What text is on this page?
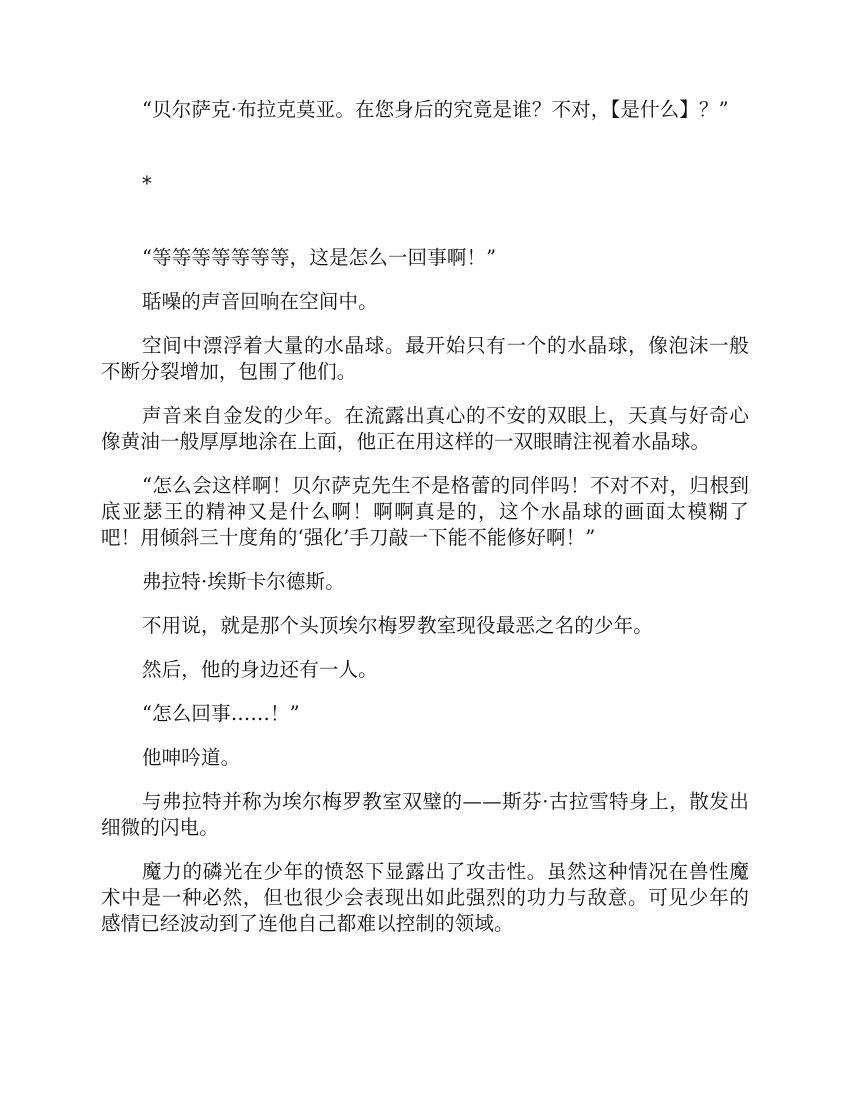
“贝尔萨克·布拉克莫亚。在您身后的究竟是谁？不对，【是什么】？”

*

“等等等等等等等，这是怎么一回事啊！”

聒噪的声音回响在空间中。

空间中漂浮着大量的水晶球。最开始只有一个的水晶球，像泡沫一般不断分裂增加，包围了他们。

声音来自金发的少年。在流露出真心的不安的双眼上，天真与好奇心像黄油一般厚厚地涂在上面，他正在用这样的一双眼睛注视着水晶球。

“怎么会这样啊！贝尔萨克先生不是格蕾的同伴吗！不对不对，归根到底亚瑟王的精神又是什么啊！啊啊真是的，这个水晶球的画面太模糊了吧！用倾斜三十度角的‘强化’手刀敲一下能不能修好啊！”

弗拉特·埃斯卡尔德斯。

不用说，就是那个头顶埃尔梅罗教室现役最恶之名的少年。

然后，他的身边还有一人。

“怎么回事……！”

他呻吟道。

与弗拉特并称为埃尔梅罗教室双璧的——斯芬·古拉雪特身上，散发出细微的闪电。

魔力的磷光在少年的愤怒下显露出了攻击性。虽然这种情况在兽性魔术中是一种必然，但也很少会表现出如此强烈的功力与敌意。可见少年的感情已经波动到了连他自己都难以控制的领域。
